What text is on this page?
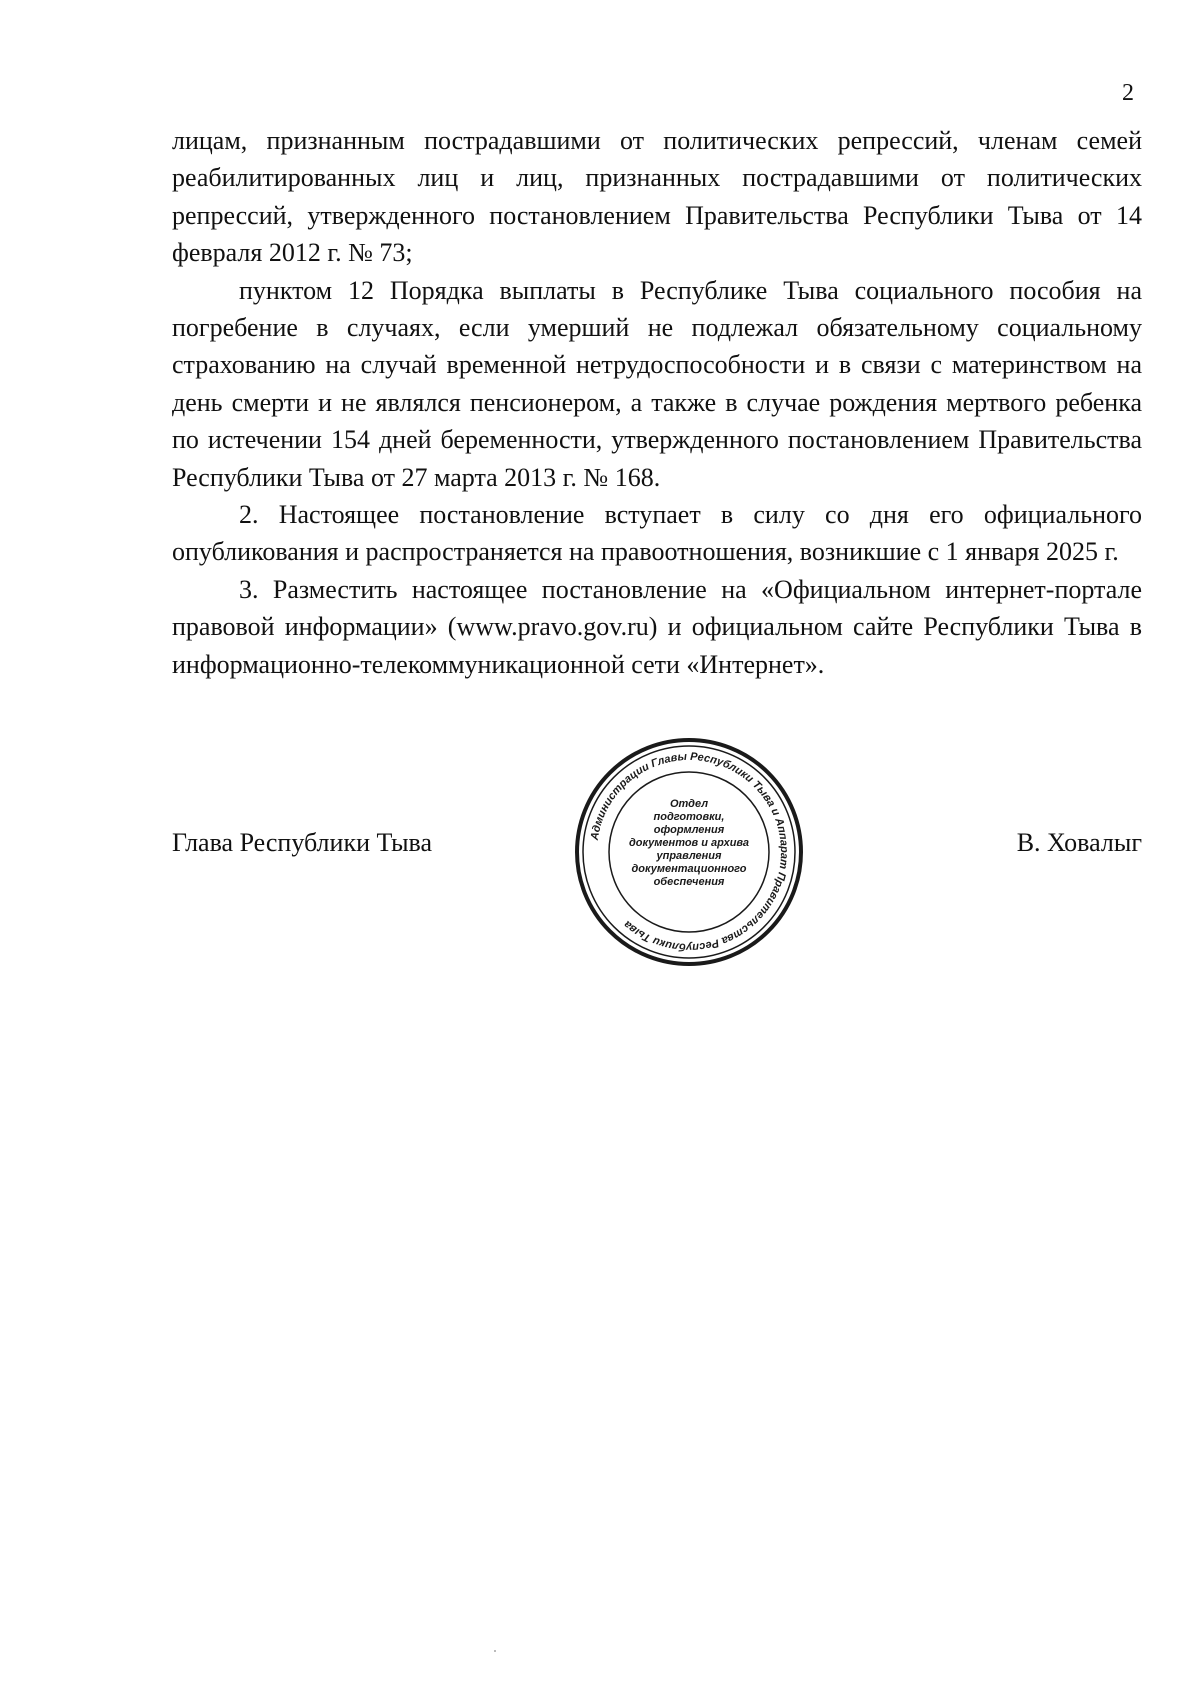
2

лицам, признанным пострадавшими от политических репрессий, членам семей реабилитированных лиц и лиц, признанных пострадавшими от политических репрессий, утвержденного постановлением Правительства Республики Тыва от 14 февраля 2012 г. № 73;

пунктом 12 Порядка выплаты в Республике Тыва социального пособия на погребение в случаях, если умерший не подлежал обязательному социальному страхованию на случай временной нетрудоспособности и в связи с материнством на день смерти и не являлся пенсионером, а также в случае рождения мертвого ребенка по истечении 154 дней беременности, утвержденного постановлением Правительства Республики Тыва от 27 марта 2013 г. № 168.

2. Настоящее постановление вступает в силу со дня его официального опубликования и распространяется на правоотношения, возникшие с 1 января 2025 г.

3. Разместить настоящее постановление на «Официальном интернет-портале правовой информации» (www.pravo.gov.ru) и официальном сайте Республики Тыва в информационно-телекоммуникационной сети «Интернет».

Глава Республики Тыва	Администрации Главы Республики Тыва и Аппарат Правительства Республики Тыва
Отдел
подготовки,
оформления
документов и архива
управления
документационного
обеспечения
В. Ховалыг
